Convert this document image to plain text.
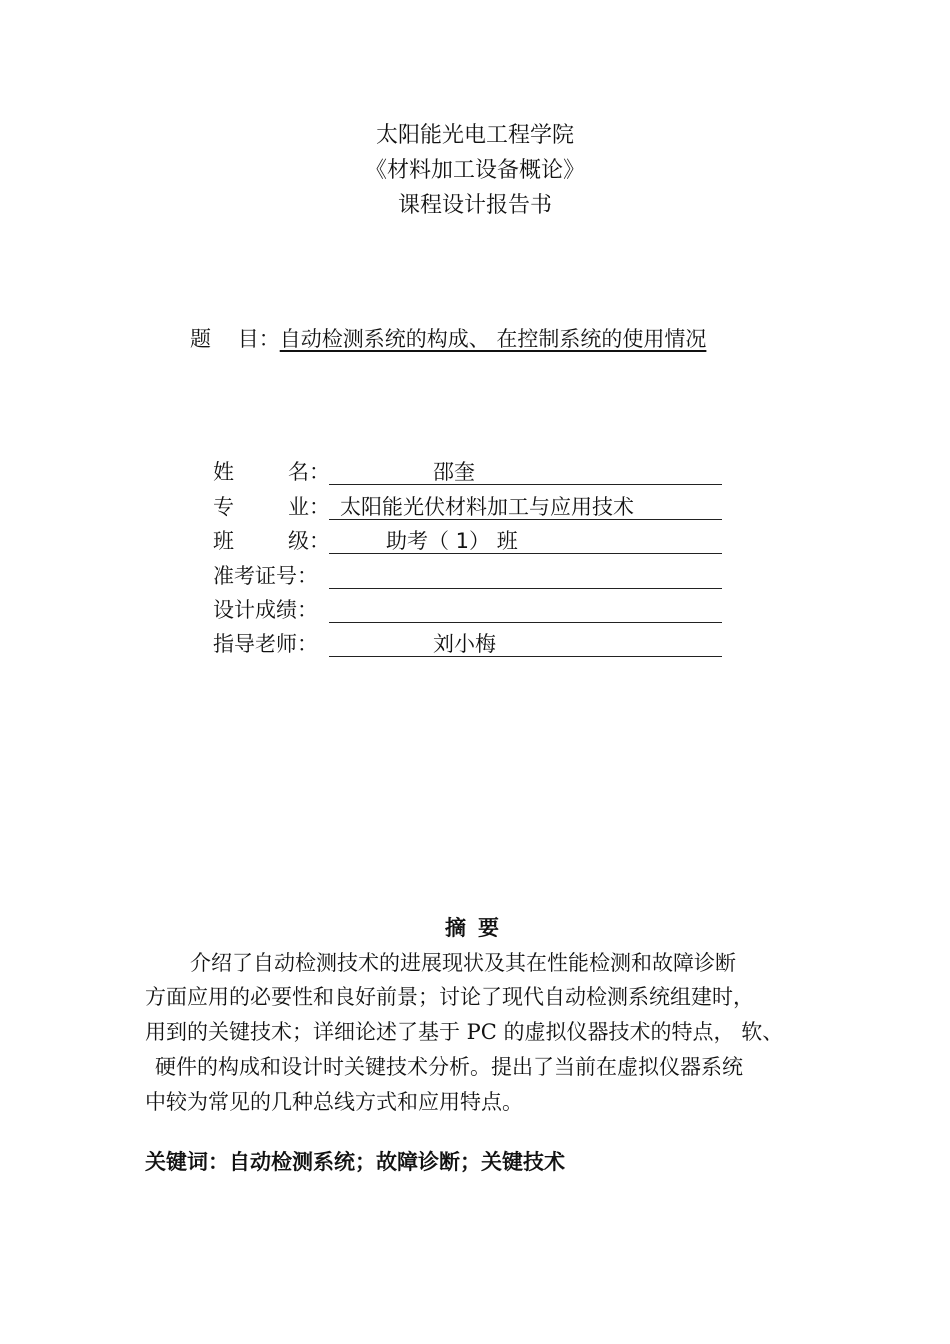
太阳能光电工程学院
《材料加工设备概论》
课程设计报告书
题    目：自动检测系统的构成、 在控制系统的使用情况
姓	名 ：	邵奎
专	业 ： 太阳能光伏材料加工与应用技术
班	级 ：	助考（ 1） 班
准考证号：
设计成绩：
指导老师：	刘小梅
摘要
介绍了自动检测技术的进展现状及其在性能检测和故障诊断
方面应用的必要性和良好前景；讨论了现代自动检测系统组建时，
用到的关键技术；详细论述了基于 PC 的虚拟仪器技术的特点， 软、
硬件的构成和设计时关键技术分析。提出了当前在虚拟仪器系统
中较为常见的几种总线方式和应用特点。
关键词：自动检测系统；故障诊断；关键技术
